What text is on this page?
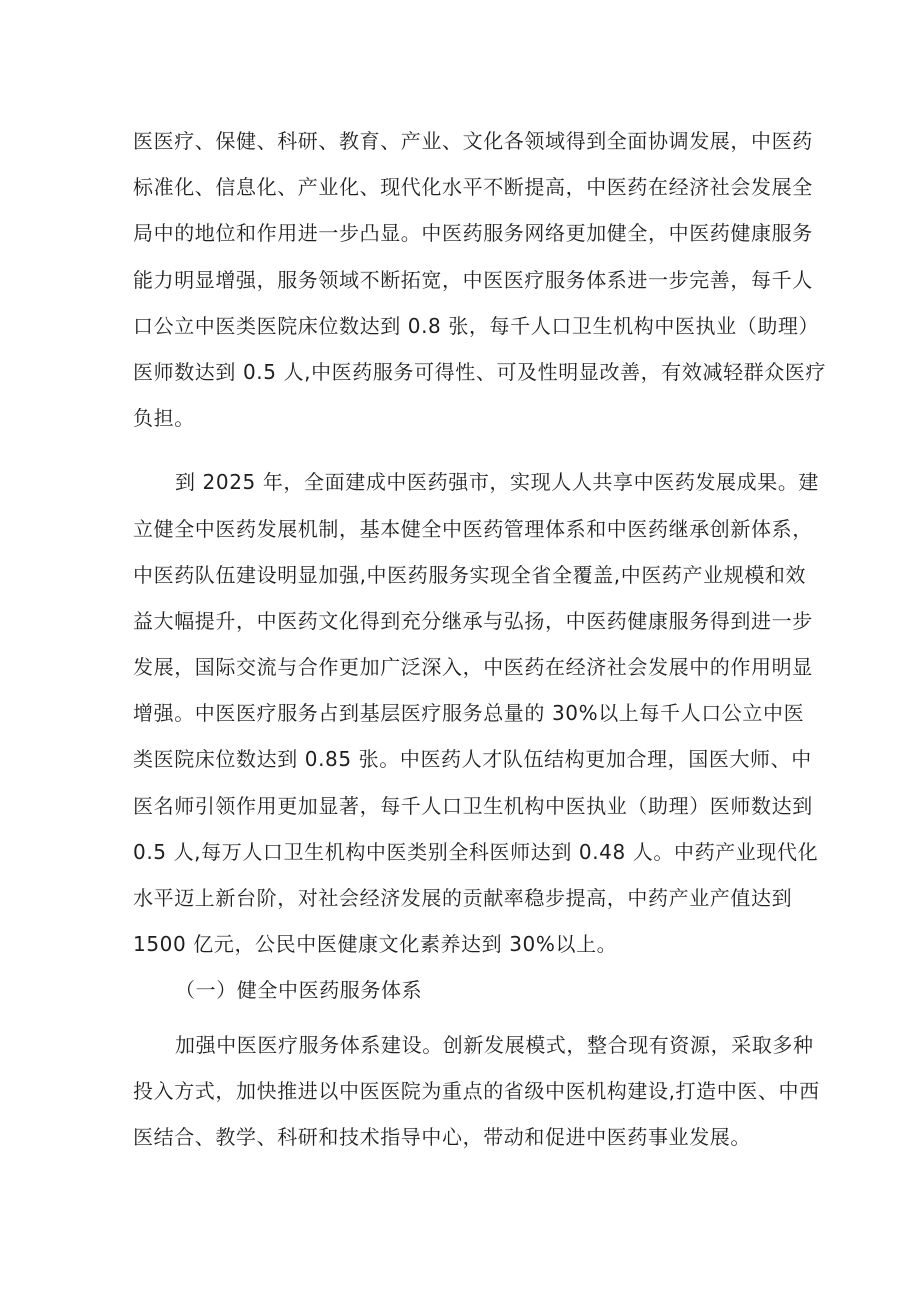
医医疗、保健、科研、教育、产业、文化各领域得到全面协调发展，中医药
标准化、信息化、产业化、现代化水平不断提高，中医药在经济社会发展全
局中的地位和作用进一步凸显。中医药服务网络更加健全，中医药健康服务
能力明显增强，服务领域不断拓宽，中医医疗服务体系进一步完善，每千人
口公立中医类医院床位数达到 0.8 张，每千人口卫生机构中医执业（助理）
医师数达到 0.5 人,中医药服务可得性、可及性明显改善，有效减轻群众医疗
负担。
到 2025 年，全面建成中医药强市，实现人人共享中医药发展成果。建
立健全中医药发展机制，基本健全中医药管理体系和中医药继承创新体系，
中医药队伍建设明显加强,中医药服务实现全省全覆盖,中医药产业规模和效
益大幅提升，中医药文化得到充分继承与弘扬，中医药健康服务得到进一步
发展，国际交流与合作更加广泛深入，中医药在经济社会发展中的作用明显
增强。中医医疗服务占到基层医疗服务总量的 30%以上每千人口公立中医
类医院床位数达到 0.85 张。中医药人才队伍结构更加合理，国医大师、中
医名师引领作用更加显著，每千人口卫生机构中医执业（助理）医师数达到
0.5 人,每万人口卫生机构中医类别全科医师达到 0.48 人。中药产业现代化
水平迈上新台阶，对社会经济发展的贡献率稳步提高，中药产业产值达到
1500 亿元，公民中医健康文化素养达到 30%以上。
（一）健全中医药服务体系
加强中医医疗服务体系建设。创新发展模式，整合现有资源，采取多种
投入方式，加快推进以中医医院为重点的省级中医机构建设,打造中医、中西
医结合、教学、科研和技术指导中心，带动和促进中医药事业发展。
